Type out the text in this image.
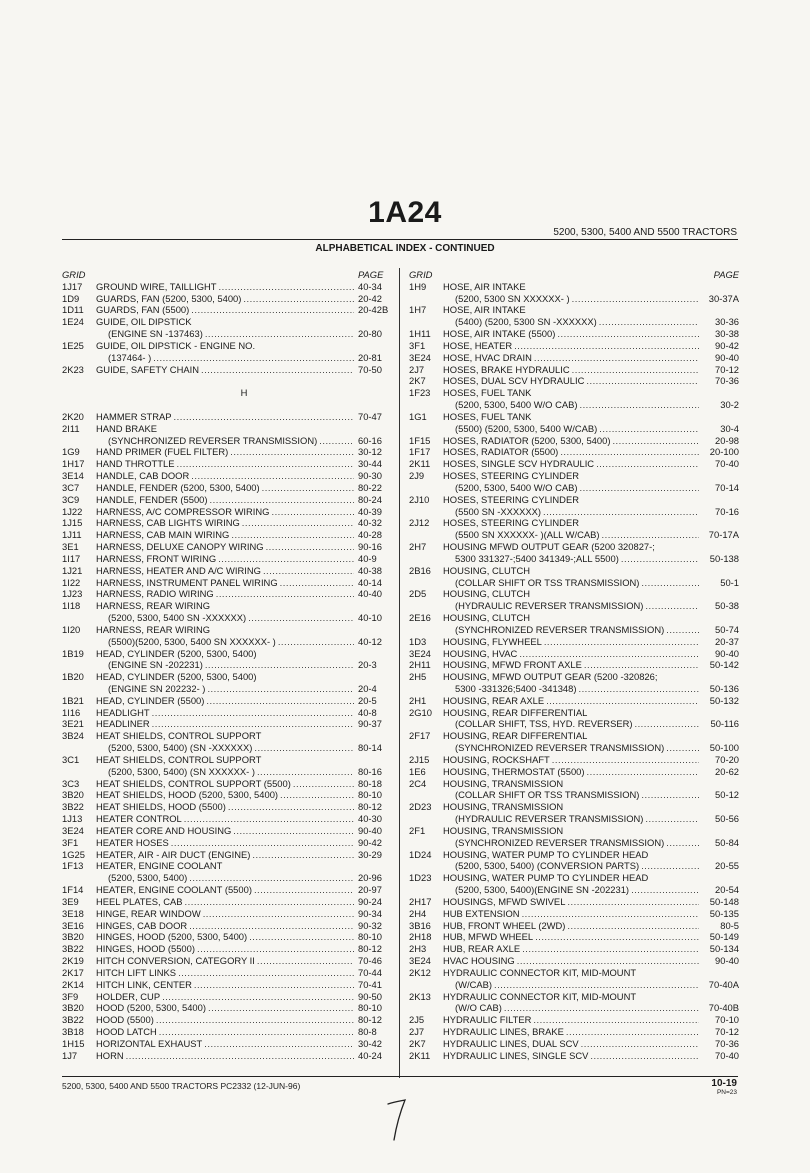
1A24
5200, 5300, 5400 AND 5500 TRACTORS
ALPHABETICAL INDEX - CONTINUED
GRID	PAGE
1J17	GROUND WIRE, TAILLIGHT .....	40-34
1D9	GUARDS, FAN (5200, 5300, 5400) .....	20-42
1D11	GUARDS, FAN (5500) .....	20-42B
1E24	GUIDE, OIL DIPSTICK
(ENGINE SN -137463) .....	20-80
1E25	GUIDE, OIL DIPSTICK - ENGINE NO.
(137464- ) .....	20-81
2K23	GUIDE, SAFETY CHAIN .....	70-50
H
2K20	HAMMER STRAP .....	70-47
2I11	HAND BRAKE
(SYNCHRONIZED REVERSER TRANSMISSION) .....	60-16
1G9	HAND PRIMER (FUEL FILTER) .....	30-12
1H17	HAND THROTTLE .....	30-44
3E14	HANDLE, CAB DOOR .....	90-30
3C7	HANDLE, FENDER (5200, 5300, 5400) .....	80-22
3C9	HANDLE, FENDER (5500) .....	80-24
1J22	HARNESS, A/C COMPRESSOR WIRING .....	40-39
1J15	HARNESS, CAB LIGHTS WIRING .....	40-32
1J11	HARNESS, CAB MAIN WIRING .....	40-28
3E1	HARNESS, DELUXE CANOPY WIRING .....	90-16
1I17	HARNESS, FRONT WIRING .....	40-9
1J21	HARNESS, HEATER AND A/C WIRING .....	40-38
1I22	HARNESS, INSTRUMENT PANEL WIRING .....	40-14
1J23	HARNESS, RADIO WIRING .....	40-40
1I18	HARNESS, REAR WIRING
(5200, 5300, 5400 SN -XXXXXX) .....	40-10
1I20	HARNESS, REAR WIRING
(5500)(5200, 5300, 5400 SN XXXXXX- ) .....	40-12
1B19	HEAD, CYLINDER (5200, 5300, 5400)
(ENGINE SN -202231) .....	20-3
1B20	HEAD, CYLINDER (5200, 5300, 5400)
(ENGINE SN 202232- ) .....	20-4
1B21	HEAD, CYLINDER (5500) .....	20-5
1I16	HEADLIGHT .....	40-8
3E21	HEADLINER .....	90-37
3B24	HEAT SHIELDS, CONTROL SUPPORT
(5200, 5300, 5400) (SN -XXXXXX) .....	80-14
3C1	HEAT SHIELDS, CONTROL SUPPORT
(5200, 5300, 5400) (SN XXXXXX- ) .....	80-16
3C3	HEAT SHIELDS, CONTROL SUPPORT (5500) .....	80-18
3B20	HEAT SHIELDS, HOOD (5200, 5300, 5400) .....	80-10
3B22	HEAT SHIELDS, HOOD (5500) .....	80-12
1J13	HEATER CONTROL .....	40-30
3E24	HEATER CORE AND HOUSING .....	90-40
3F1	HEATER HOSES .....	90-42
1G25	HEATER, AIR - AIR DUCT (ENGINE) .....	30-29
1F13	HEATER, ENGINE COOLANT
(5200, 5300, 5400) .....	20-96
1F14	HEATER, ENGINE COOLANT (5500) .....	20-97
3E9	HEEL PLATES, CAB .....	90-24
3E18	HINGE, REAR WINDOW .....	90-34
3E16	HINGES, CAB DOOR .....	90-32
3B20	HINGES, HOOD (5200, 5300, 5400) .....	80-10
3B22	HINGES, HOOD (5500) .....	80-12
2K19	HITCH CONVERSION, CATEGORY II .....	70-46
2K17	HITCH LIFT LINKS .....	70-44
2K14	HITCH LINK, CENTER .....	70-41
3F9	HOLDER, CUP .....	90-50
3B20	HOOD (5200, 5300, 5400) .....	80-10
3B22	HOOD (5500) .....	80-12
3B18	HOOD LATCH .....	80-8
1H15	HORIZONTAL EXHAUST .....	30-42
1J7	HORN .....	40-24
GRID	PAGE
1H9	HOSE, AIR INTAKE
(5200, 5300 SN XXXXXX- ) .....	30-37A
1H7	HOSE, AIR INTAKE
(5400) (5200, 5300 SN -XXXXXX) .....	30-36
1H11	HOSE, AIR INTAKE (5500) .....	30-38
3F1	HOSE, HEATER .....	90-42
3E24	HOSE, HVAC DRAIN .....	90-40
2J7	HOSES, BRAKE HYDRAULIC .....	70-12
2K7	HOSES, DUAL SCV HYDRAULIC .....	70-36
1F23	HOSES, FUEL TANK
(5200, 5300, 5400 W/O CAB) .....	30-2
1G1	HOSES, FUEL TANK
(5500) (5200, 5300, 5400 W/CAB) .....	30-4
1F15	HOSES, RADIATOR (5200, 5300, 5400) .....	20-98
1F17	HOSES, RADIATOR (5500) .....	20-100
2K11	HOSES, SINGLE SCV HYDRAULIC .....	70-40
2J9	HOSES, STEERING CYLINDER
(5200, 5300, 5400 W/O CAB) .....	70-14
2J10	HOSES, STEERING CYLINDER
(5500 SN -XXXXXX) .....	70-16
2J12	HOSES, STEERING CYLINDER
(5500 SN XXXXXX- )(ALL W/CAB) .....	70-17A
2H7	HOUSING MFWD OUTPUT GEAR (5200 320827-;
5300 331327-;5400 341349-;ALL 5500) .....	50-138
2B16	HOUSING, CLUTCH
(COLLAR SHIFT OR TSS TRANSMISSION) .....	50-1
2D5	HOUSING, CLUTCH
(HYDRAULIC REVERSER TRANSMISSION) .....	50-38
2E16	HOUSING, CLUTCH
(SYNCHRONIZED REVERSER TRANSMISSION) .....	50-74
1D3	HOUSING, FLYWHEEL .....	20-37
3E24	HOUSING, HVAC .....	90-40
2H11	HOUSING, MFWD FRONT AXLE .....	50-142
2H5	HOUSING, MFWD OUTPUT GEAR (5200 -320826;
5300 -331326;5400 -341348) .....	50-136
2H1	HOUSING, REAR AXLE .....	50-132
2G10	HOUSING, REAR DIFFERENTIAL
(COLLAR SHIFT, TSS, HYD. REVERSER) .....	50-116
2F17	HOUSING, REAR DIFFERENTIAL
(SYNCHRONIZED REVERSER TRANSMISSION) .....	50-100
2J15	HOUSING, ROCKSHAFT .....	70-20
1E6	HOUSING, THERMOSTAT (5500) .....	20-62
2C4	HOUSING, TRANSMISSION
(COLLAR SHIFT OR TSS TRANSMISSION) .....	50-12
2D23	HOUSING, TRANSMISSION
(HYDRAULIC REVERSER TRANSMISSION) .....	50-56
2F1	HOUSING, TRANSMISSION
(SYNCHRONIZED REVERSER TRANSMISSION) .....	50-84
1D24	HOUSING, WATER PUMP TO CYLINDER HEAD
(5200, 5300, 5400) (CONVERSION PARTS) .....	20-55
1D23	HOUSING, WATER PUMP TO CYLINDER HEAD
(5200, 5300, 5400)(ENGINE SN -202231) .....	20-54
2H17	HOUSINGS, MFWD SWIVEL .....	50-148
2H4	HUB EXTENSION .....	50-135
3B16	HUB, FRONT WHEEL (2WD) .....	80-5
2H18	HUB, MFWD WHEEL .....	50-149
2H3	HUB, REAR AXLE .....	50-134
3E24	HVAC HOUSING .....	90-40
2K12	HYDRAULIC CONNECTOR KIT, MID-MOUNT
(W/CAB) .....	70-40A
2K13	HYDRAULIC CONNECTOR KIT, MID-MOUNT
(W/O CAB) .....	70-40B
2J5	HYDRAULIC FILTER .....	70-10
2J7	HYDRAULIC LINES, BRAKE .....	70-12
2K7	HYDRAULIC LINES, DUAL SCV .....	70-36
2K11	HYDRAULIC LINES, SINGLE SCV .....	70-40
5200, 5300, 5400 AND 5500 TRACTORS PC2332 (12-JUN-96)	10-19
PN=23
